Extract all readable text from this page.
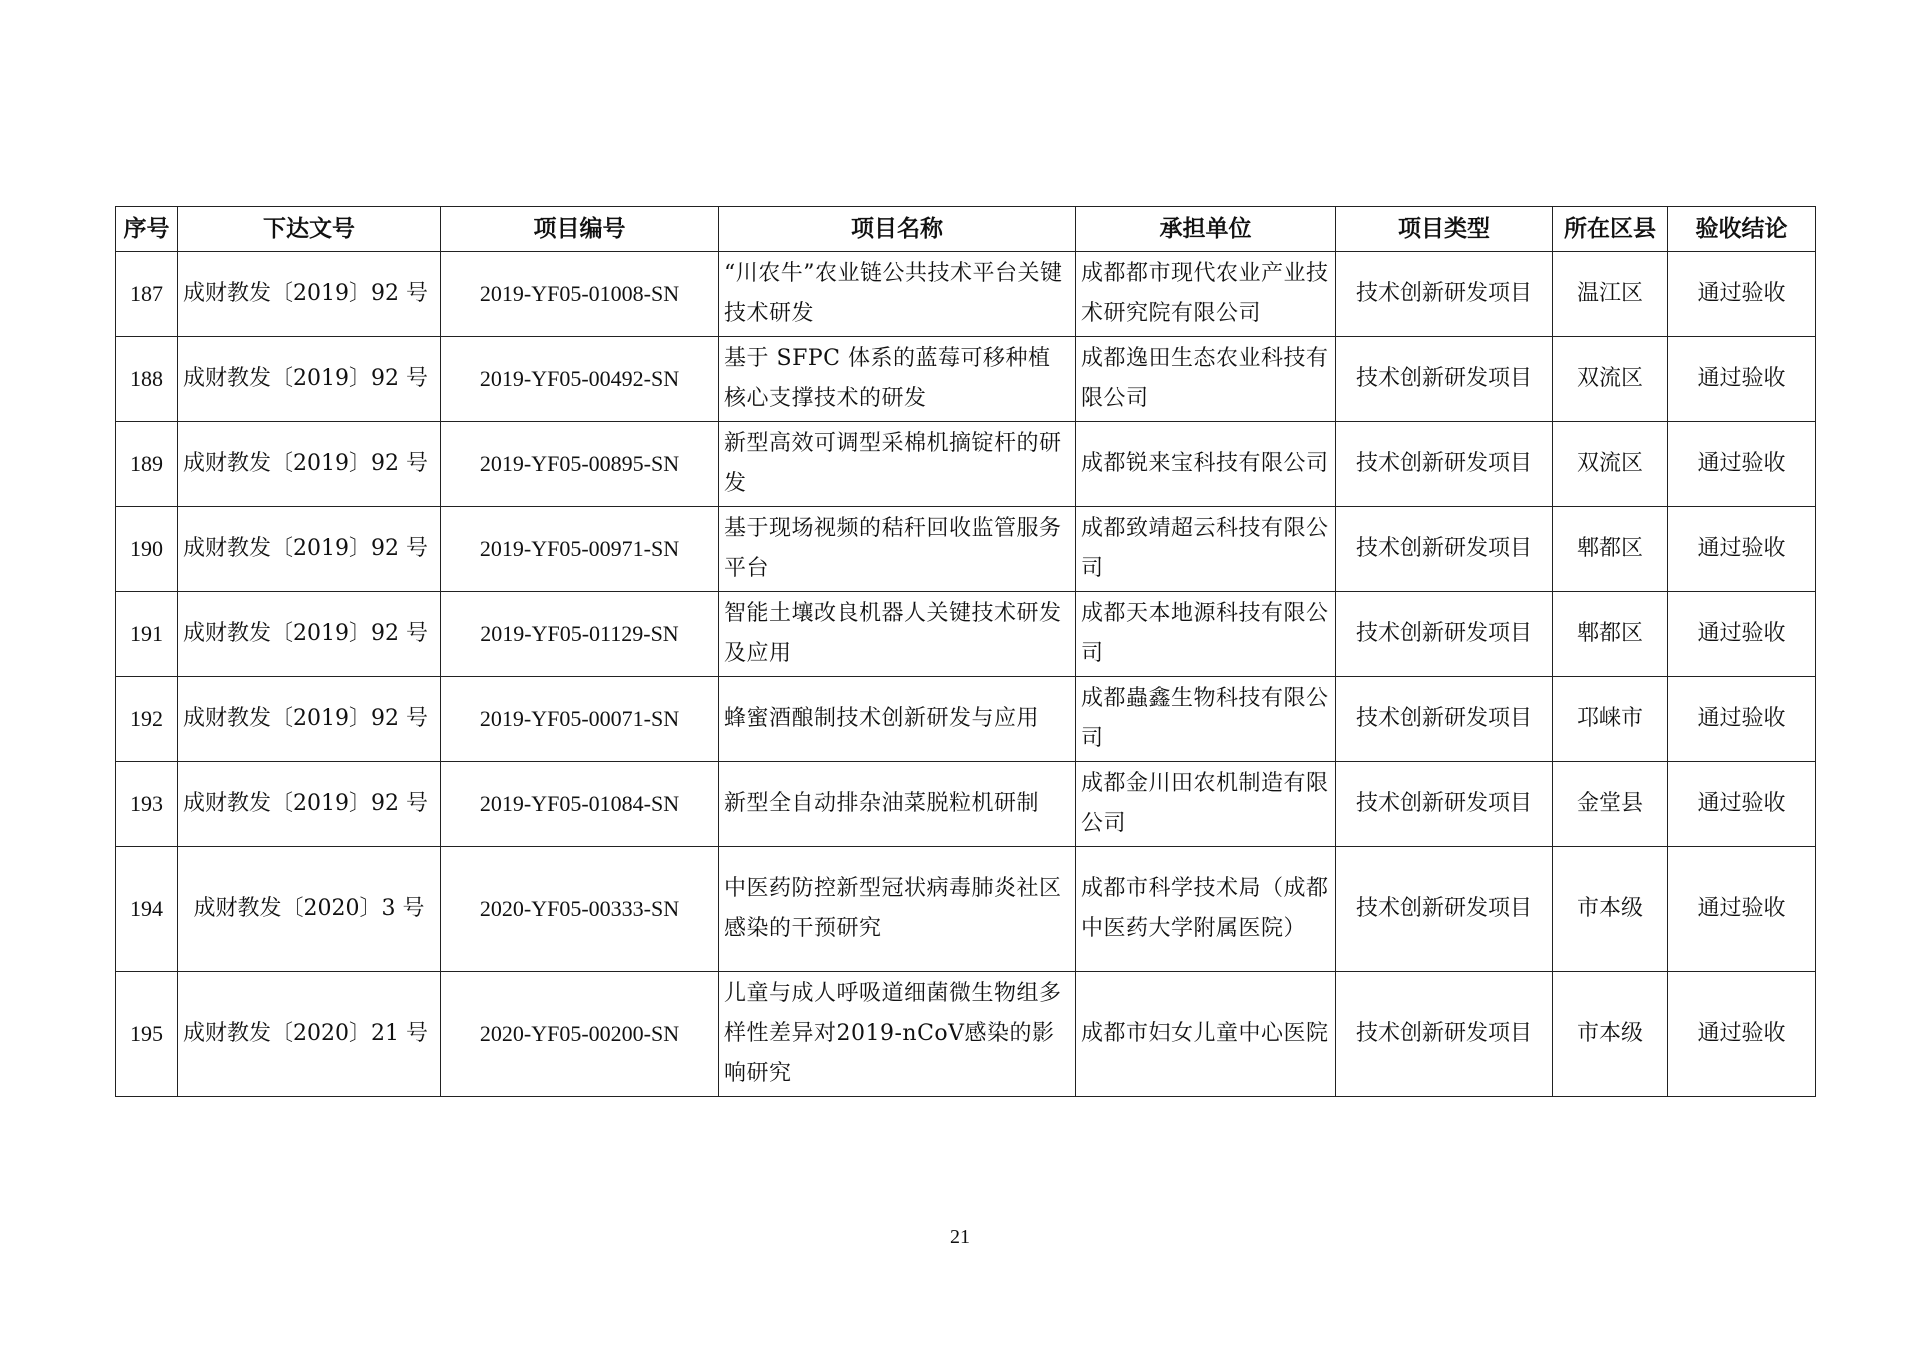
序号	下达文号	项目编号	项目名称	承担单位	项目类型	所在区县	验收结论
187	成财教发〔2019〕92 号	2019-YF05-01008-SN	“川农牛”农业链公共技术平台关键技术研发	成都都市现代农业产业技术研究院有限公司	技术创新研发项目	温江区	通过验收
188	成财教发〔2019〕92 号	2019-YF05-00492-SN	基于 SFPC 体系的蓝莓可移种植核心支撑技术的研发	成都逸田生态农业科技有限公司	技术创新研发项目	双流区	通过验收
189	成财教发〔2019〕92 号	2019-YF05-00895-SN	新型高效可调型采棉机摘锭杆的研发	成都锐来宝科技有限公司	技术创新研发项目	双流区	通过验收
190	成财教发〔2019〕92 号	2019-YF05-00971-SN	基于现场视频的秸秆回收监管服务平台	成都致靖超云科技有限公司	技术创新研发项目	郫都区	通过验收
191	成财教发〔2019〕92 号	2019-YF05-01129-SN	智能土壤改良机器人关键技术研发及应用	成都天本地源科技有限公司	技术创新研发项目	郫都区	通过验收
192	成财教发〔2019〕92 号	2019-YF05-00071-SN	蜂蜜酒酿制技术创新研发与应用	成都蟲鑫生物科技有限公司	技术创新研发项目	邛崃市	通过验收
193	成财教发〔2019〕92 号	2019-YF05-01084-SN	新型全自动排杂油菜脱粒机研制	成都金川田农机制造有限公司	技术创新研发项目	金堂县	通过验收
194	成财教发〔2020〕3 号	2020-YF05-00333-SN	中医药防控新型冠状病毒肺炎社区感染的干预研究	成都市科学技术局（成都中医药大学附属医院）	技术创新研发项目	市本级	通过验收
195	成财教发〔2020〕21 号	2020-YF05-00200-SN	儿童与成人呼吸道细菌微生物组多样性差异对2019-nCoV感染的影响研究	成都市妇女儿童中心医院	技术创新研发项目	市本级	通过验收
21
